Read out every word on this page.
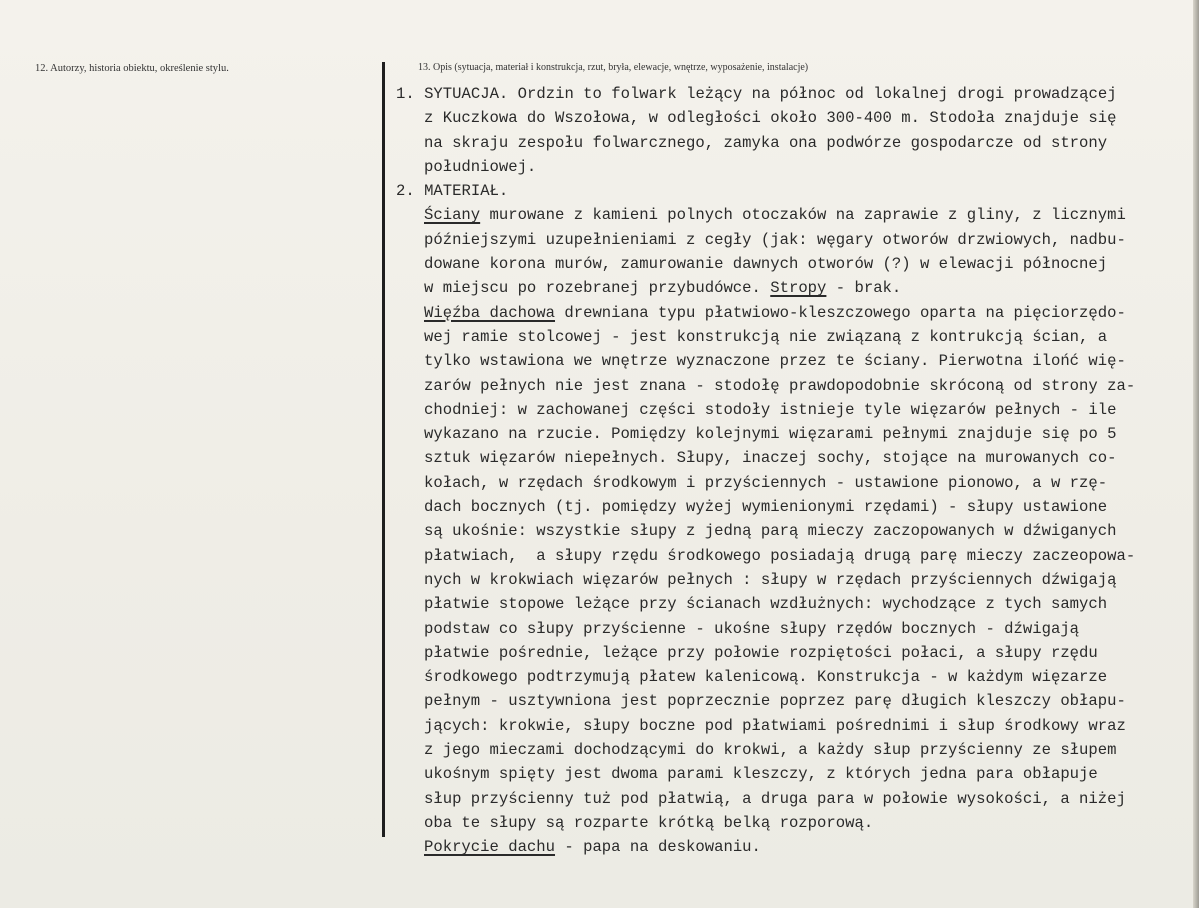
12. Autorzy, historia obiektu, określenie stylu.	13. Opis (sytuacja, materiał i konstrukcja, rzut, bryła, elewacje, wnętrze, wyposażenie, instalacje)
1. SYTUACJA. Ordzin to folwark leżący na północ od lokalnej drogi prowadzącej
z Kuczkowa do Wszołowa, w odległości około 300-400 m. Stodoła znajduje się
na skraju zespołu folwarcznego, zamyka ona podwórze gospodarcze od strony
południowej.
2. MATERIAŁ.
Ściany murowane z kamieni polnych otoczaków na zaprawie z gliny, z licznymi
późniejszymi uzupełnieniami z cegły (jak: węgary otworów drzwiowych, nadbu-
dowane korona murów, zamurowanie dawnych otworów (?) w elewacji północnej
w miejscu po rozebranej przybudówce. Stropy - brak.
Więźba dachowa drewniana typu płatwiowo-kleszczowego oparta na pięciorzędo-
wej ramie stolcowej - jest konstrukcją nie związaną z kontrukcją ścian, a
tylko wstawiona we wnętrze wyznaczone przez te ściany. Pierwotna ilońć wię-
zarów pełnych nie jest znana - stodołę prawdopodobnie skróconą od strony za-
chodniej: w zachowanej części stodoły istnieje tyle więzarów pełnych - ile
wykazano na rzucie. Pomiędzy kolejnymi więzarami pełnymi znajduje się po 5
sztuk więzarów niepełnych. Słupy, inaczej sochy, stojące na murowanych co-
kołach, w rzędach środkowym i przyściennych - ustawione pionowo, a w rzę-
dach bocznych (tj. pomiędzy wyżej wymienionymi rzędami) - słupy ustawione
są ukośnie: wszystkie słupy z jedną parą mieczy zaczopowanych w dźwiganych
płatwiach,  a słupy rzędu środkowego posiadają drugą parę mieczy zaczeopowa-
nych w krokwiach więzarów pełnych : słupy w rzędach przyściennych dźwigają
płatwie stopowe leżące przy ścianach wzdłużnych: wychodzące z tych samych
podstaw co słupy przyścienne - ukośne słupy rzędów bocznych - dźwigają
płatwie pośrednie, leżące przy połowie rozpiętości połaci, a słupy rzędu
środkowego podtrzymują płatew kalenicową. Konstrukcja - w każdym więzarze
pełnym - usztywniona jest poprzecznie poprzez parę długich kleszczy obłapu-
jących: krokwie, słupy boczne pod płatwiami pośrednimi i słup środkowy wraz
z jego mieczami dochodzącymi do krokwi, a każdy słup przyścienny ze słupem
ukośnym spięty jest dwoma parami kleszczy, z których jedna para obłapuje
słup przyścienny tuż pod płatwią, a druga para w połowie wysokości, a niżej
oba te słupy są rozparte krótką belką rozporową.
Pokrycie dachu - papa na deskowaniu.
